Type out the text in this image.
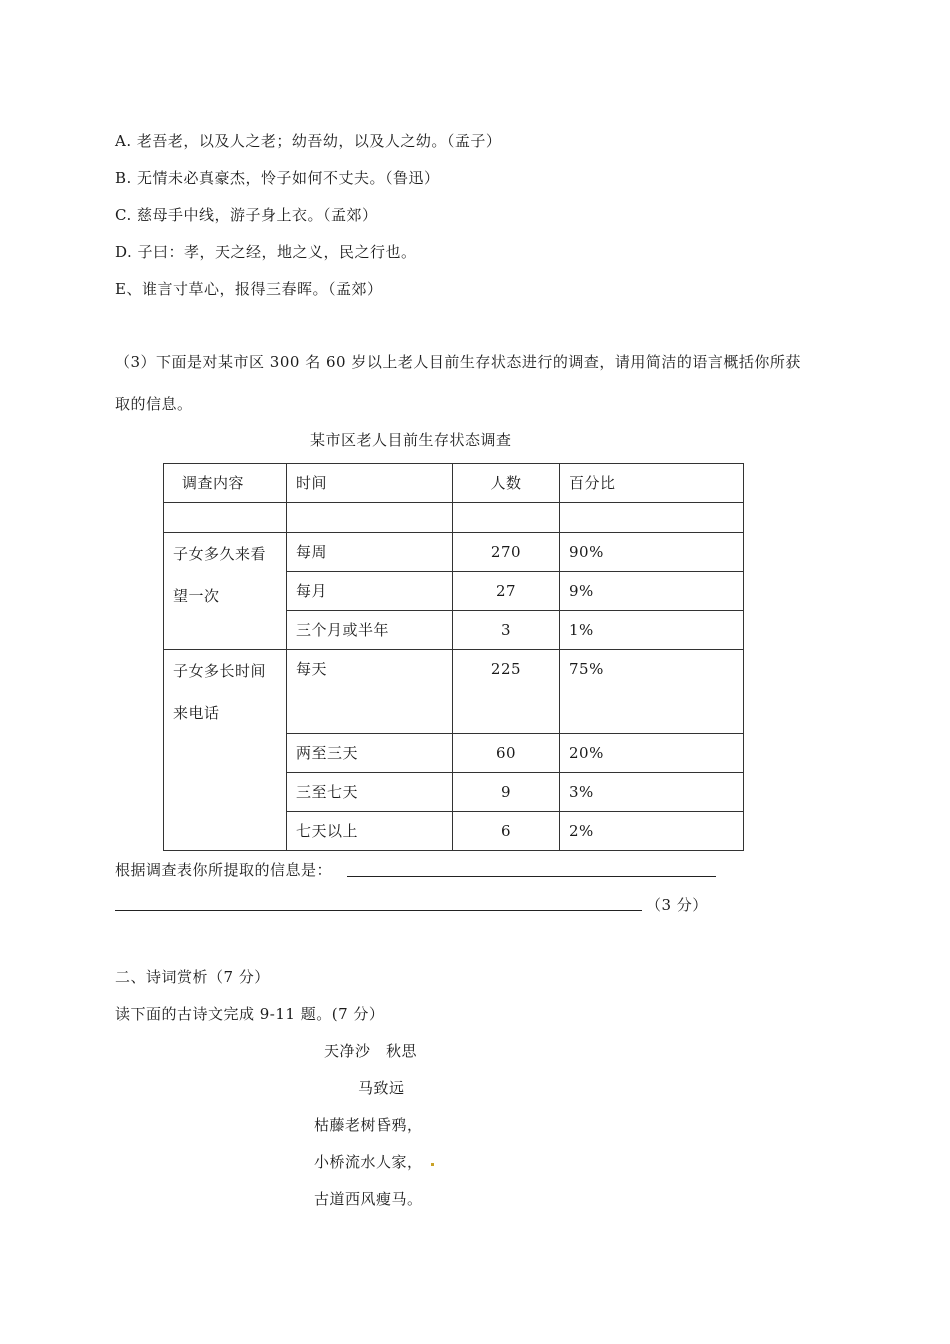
A. 老吾老，以及人之老；幼吾幼，以及人之幼。（孟子）
B. 无情未必真豪杰，怜子如何不丈夫。（鲁迅）
C. 慈母手中线，游子身上衣。（孟郊）
D. 子曰：孝，天之经，地之义，民之行也。
E、谁言寸草心，报得三春晖。（孟郊）
（3）下面是对某市区 300 名 60 岁以上老人目前生存状态进行的调查，请用简洁的语言概括你所获
取的信息。
某市区老人目前生存状态调查
调查内容	时间	人数	百分比

子女多久来看
望一次	每周	270	90%
	每月	27	9%
	三个月或半年	3	1%

子女多长时间
来电话	每天	225	75%
	两至三天	60	20%
	三至七天	9	3%
	七天以上	6	2%
根据调查表你所提取的信息是：
（3 分）
二、诗词赏析（7 分）
读下面的古诗文完成 9-11 题。(7 分）
天净沙　秋思
马致远
枯藤老树昏鸦，
小桥流水人家，
古道西风瘦马。
